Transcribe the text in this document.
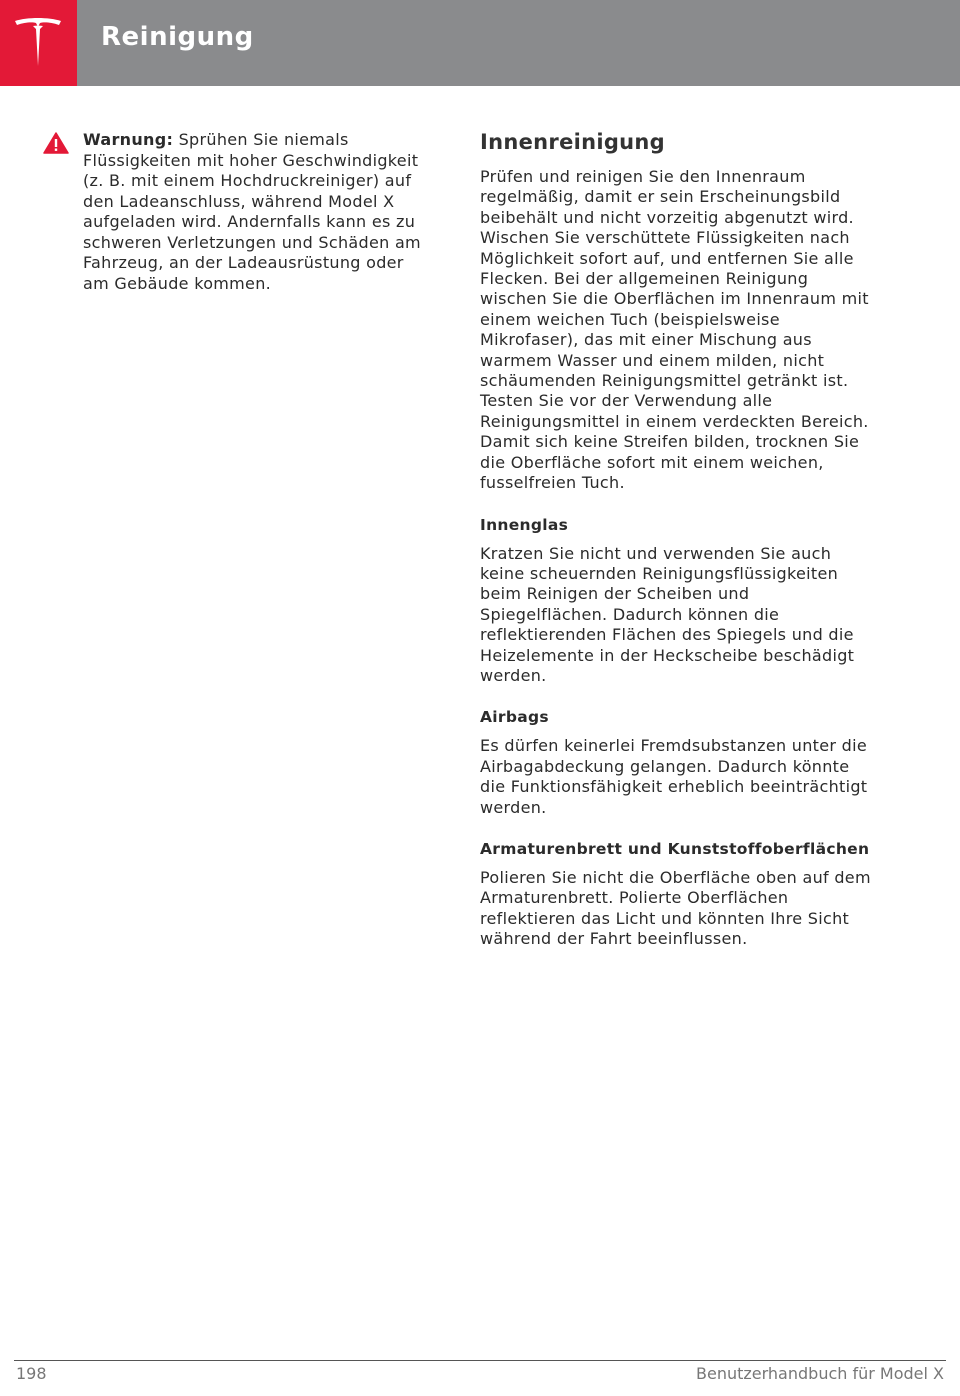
Reinigung
Warnung: Sprühen Sie niemals Flüssigkeiten mit hoher Geschwindigkeit (z. B. mit einem Hochdruckreiniger) auf den Ladeanschluss, während Model X aufgeladen wird. Andernfalls kann es zu schweren Verletzungen und Schäden am Fahrzeug, an der Ladeausrüstung oder am Gebäude kommen.
Innenreinigung

Prüfen und reinigen Sie den Innenraum regelmäßig, damit er sein Erscheinungsbild beibehält und nicht vorzeitig abgenutzt wird. Wischen Sie verschüttete Flüssigkeiten nach Möglichkeit sofort auf, und entfernen Sie alle Flecken. Bei der allgemeinen Reinigung wischen Sie die Oberflächen im Innenraum mit einem weichen Tuch (beispielsweise Mikrofaser), das mit einer Mischung aus warmem Wasser und einem milden, nicht schäumenden Reinigungsmittel getränkt ist. Testen Sie vor der Verwendung alle Reinigungsmittel in einem verdeckten Bereich. Damit sich keine Streifen bilden, trocknen Sie die Oberfläche sofort mit einem weichen, fusselfreien Tuch.

Innenglas

Kratzen Sie nicht und verwenden Sie auch keine scheuernden Reinigungsflüssigkeiten beim Reinigen der Scheiben und Spiegelflächen. Dadurch können die reflektierenden Flächen des Spiegels und die Heizelemente in der Heckscheibe beschädigt werden.

Airbags

Es dürfen keinerlei Fremdsubstanzen unter die Airbagabdeckung gelangen. Dadurch könnte die Funktionsfähigkeit erheblich beeinträchtigt werden.

Armaturenbrett und Kunststoffoberflächen

Polieren Sie nicht die Oberfläche oben auf dem Armaturenbrett. Polierte Oberflächen reflektieren das Licht und könnten Ihre Sicht während der Fahrt beeinflussen.

198	Benutzerhandbuch für Model X
